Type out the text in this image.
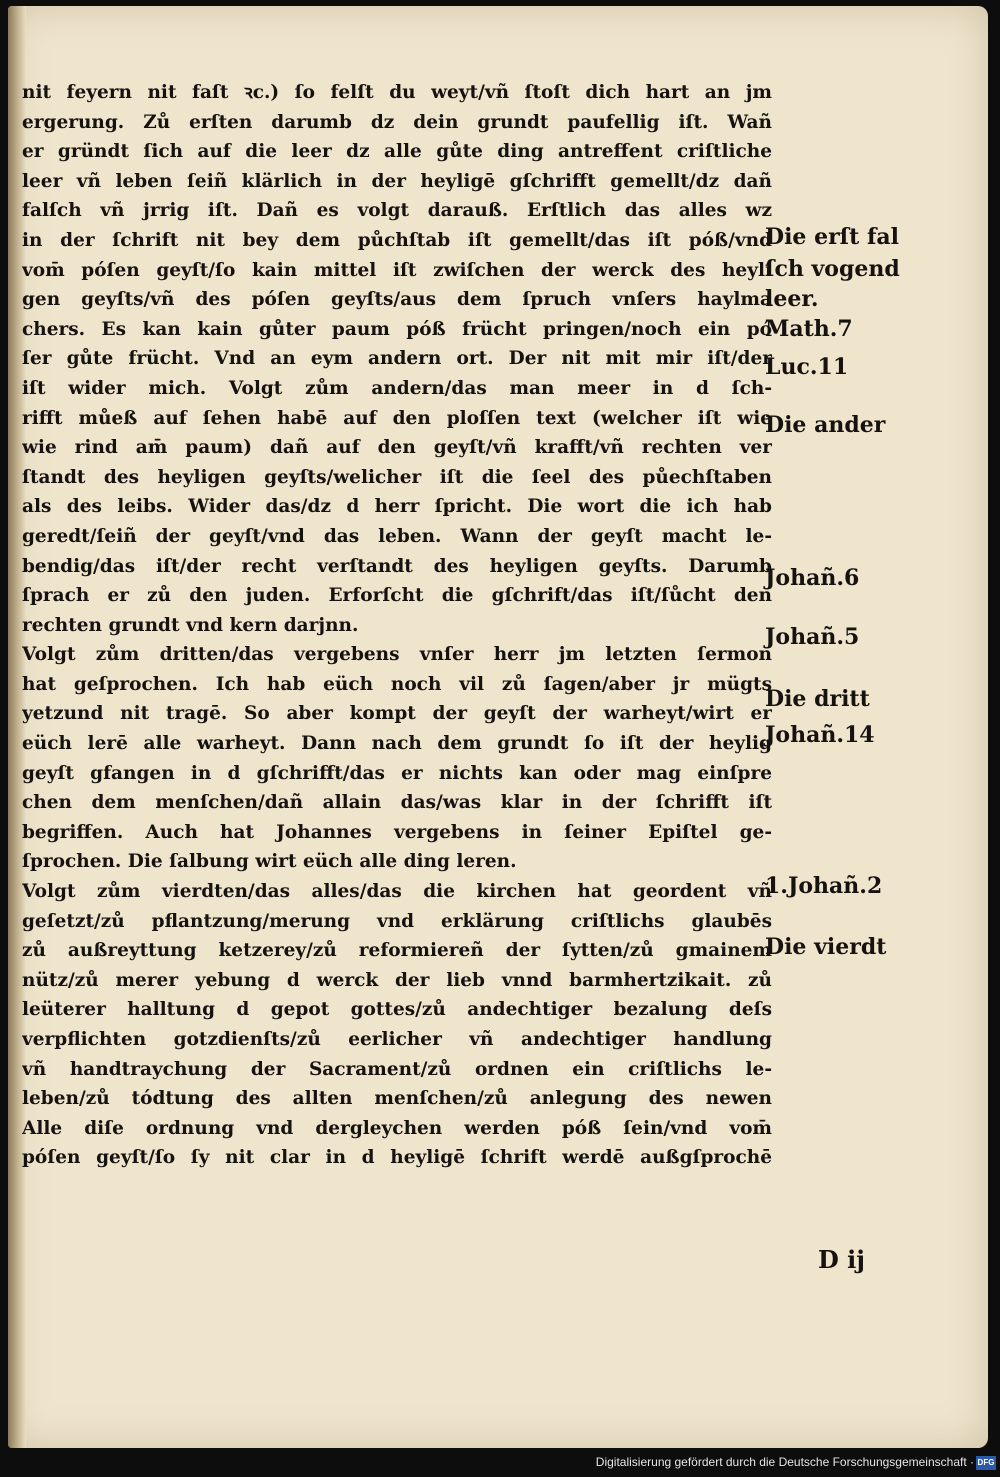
nit feyern nit faſt ꝛc.) ſo felſt du weyt/vñ ſtoſt dich hart an jm
ergerung. Zů erſten darumb dz dein grundt paufellig iſt. Wañ
er gründt ſich auf die leer dz alle gůte ding antreffent criſtliche
leer vñ leben ſeiñ klärlich in der heyligē gſchrifft gemellt/dz dañ
falſch vñ jrrig iſt. Dañ es volgt darauß. Erſtlich das alles wz
in der ſchrift nit bey dem půchſtab iſt gemellt/das iſt póß/vnd
vom̄ póſen geyſt/ſo kain mittel iſt zwiſchen der werck des heyli
gen geyſts/vñ des póſen geyſts/aus dem ſpruch vnſers haylma
chers. Es kan kain gůter paum póß frücht pringen/noch ein pó
ſer gůte frücht. Vnd an eym andern ort. Der nit mit mir iſt/der
iſt wider mich. Volgt zům andern/das man meer in d ſch-
rifft můeß auf ſehen habē auf den ploſſen text (welcher iſt wie
wie rind am̄ paum) dañ auf den geyſt/vñ krafft/vñ rechten ver
ſtandt des heyligen geyſts/welicher iſt die ſeel des půechſtaben
als des leibs. Wider das/dz d herr ſpricht. Die wort die ich hab
geredt/ſeiñ der geyſt/vnd das leben. Wann der geyſt macht le-
bendig/das iſt/der recht verſtandt des heyligen geyſts. Darumb
ſprach er zů den juden. Erforſcht die gſchrift/das iſt/ſůcht den
rechten grundt vnd kern darjnn.
Volgt zům dritten/das vergebens vnſer herr jm letzten ſermon
hat geſprochen. Ich hab eüch noch vil zů ſagen/aber jr mügts
yetzund nit tragē. So aber kompt der geyſt der warheyt/wirt er
eüch lerē alle warheyt. Dann nach dem grundt ſo iſt der heylig
geyſt gfangen in d gſchrifft/das er nichts kan oder mag einſpre
chen dem menſchen/dañ allain das/was klar in der ſchrifft iſt
begriffen. Auch hat Johannes vergebens in ſeiner Epiſtel ge-
ſprochen. Die ſalbung wirt eüch alle ding leren.
Volgt zům vierdten/das alles/das die kirchen hat geordent vñ
geſetzt/zů pflantzung/merung vnd erklärung criſtlichs glaubēs
zů außreyttung ketzerey/zů reformiereñ der ſytten/zů gmainem
nütz/zů merer yebung d werck der lieb vnnd barmhertzikait. zů
leüterer halltung d gepot gottes/zů andechtiger bezalung deſs
verpflichten gotzdienſts/zů eerlicher vñ andechtiger handlung
vñ handtraychung der Sacrament/zů ordnen ein criſtlichs le-
leben/zů tódtung des allten menſchen/zů anlegung des newen
Alle diſe ordnung vnd dergleychen werden póß ſein/vnd vom̄
póſen geyſt/ſo ſy nit clar in d heyligē ſchrift werdē außgſprochē
Die erſt fal
ſch vogend
leer.
Math.7
Luc.11
Die ander
Johañ.6
Johañ.5
Die dritt
Johañ.14
1.Johañ.2
Die vierdt
D ij
Digitalisierung gefördert durch die Deutsche Forschungsgemeinschaft · DFG
